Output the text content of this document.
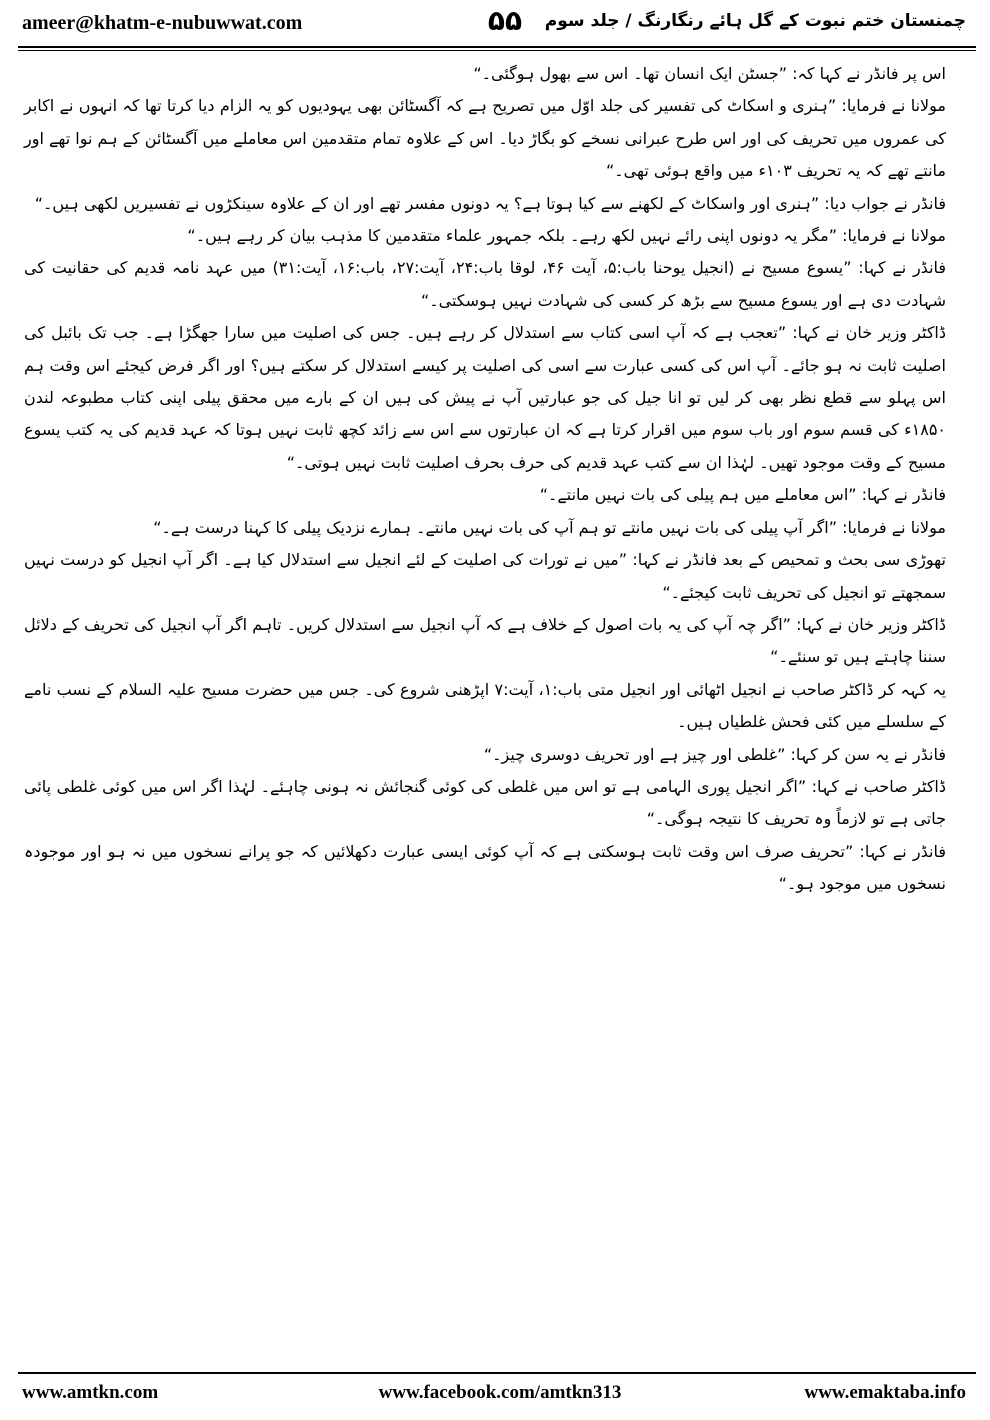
ameer@khatm-e-nubuwwat.com	۵۵	چمنستان ختم نبوت کے گل ہائے رنگارنگ / جلد سوم

اس پر فانڈر نے کہا کہ: ”جسٹن ایک انسان تھا۔ اس سے بھول ہوگئی۔“

مولانا نے فرمایا: ”ہنری و اسکاٹ کی تفسیر کی جلد اوّل میں تصریح ہے کہ آگسٹائن بھی یہودیوں کو یہ الزام دیا کرتا تھا کہ انہوں نے اکابر کی عمروں میں تحریف کی اور اس طرح عبرانی نسخے کو بگاڑ دیا۔ اس کے علاوہ تمام متقدمین اس معاملے میں آگسٹائن کے ہم نوا تھے اور مانتے تھے کہ یہ تحریف ۱۰۳ء میں واقع ہوئی تھی۔“

فانڈر نے جواب دیا: ”ہنری اور واسکاٹ کے لکھنے سے کیا ہوتا ہے؟ یہ دونوں مفسر تھے اور ان کے علاوہ سینکڑوں نے تفسیریں لکھی ہیں۔“

مولانا نے فرمایا: ”مگر یہ دونوں اپنی رائے نہیں لکھ رہے۔ بلکہ جمہور علماء متقدمین کا مذہب بیان کر رہے ہیں۔“

فانڈر نے کہا: ”یسوع مسیح نے (انجیل یوحنا باب:۵، آیت ۴۶، لوقا باب:۲۴، آیت:۲۷، باب:۱۶، آیت:۳۱) میں عہد نامہ قدیم کی حقانیت کی شہادت دی ہے اور یسوع مسیح سے بڑھ کر کسی کی شہادت نہیں ہوسکتی۔“

ڈاکٹر وزیر خان نے کہا: ”تعجب ہے کہ آپ اسی کتاب سے استدلال کر رہے ہیں۔ جس کی اصلیت میں سارا جھگڑا ہے۔ جب تک بائبل کی اصلیت ثابت نہ ہو جائے۔ آپ اس کی کسی عبارت سے اسی کی اصلیت پر کیسے استدلال کر سکتے ہیں؟ اور اگر فرض کیجئے اس وقت ہم اس پہلو سے قطع نظر بھی کر لیں تو انا جیل کی جو عبارتیں آپ نے پیش کی ہیں ان کے بارے میں محقق پیلی اپنی کتاب مطبوعہ لندن ۱۸۵۰ء کی قسم سوم اور باب سوم میں اقرار کرتا ہے کہ ان عبارتوں سے اس سے زائد کچھ ثابت نہیں ہوتا کہ عہد قدیم کی یہ کتب یسوع مسیح کے وقت موجود تھیں۔ لہٰذا ان سے کتب عہد قدیم کی حرف بحرف اصلیت ثابت نہیں ہوتی۔“

فانڈر نے کہا: ”اس معاملے میں ہم پیلی کی بات نہیں مانتے۔“

مولانا نے فرمایا: ”اگر آپ پیلی کی بات نہیں مانتے تو ہم آپ کی بات نہیں مانتے۔ ہمارے نزدیک پیلی کا کہنا درست ہے۔“

تھوڑی سی بحث و تمحیص کے بعد فانڈر نے کہا: ”میں نے تورات کی اصلیت کے لئے انجیل سے استدلال کیا ہے۔ اگر آپ انجیل کو درست نہیں سمجھتے تو انجیل کی تحریف ثابت کیجئے۔“

ڈاکٹر وزیر خان نے کہا: ”اگر چہ آپ کی یہ بات اصول کے خلاف ہے کہ آپ انجیل سے استدلال کریں۔ تاہم اگر آپ انجیل کی تحریف کے دلائل سننا چاہتے ہیں تو سنئے۔“

یہ کہہ کر ڈاکٹر صاحب نے انجیل اٹھائی اور انجیل متی باب:۱، آیت:۷ اپڑھنی شروع کی۔ جس میں حضرت مسیح علیہ السلام کے نسب نامے کے سلسلے میں کئی فحش غلطیاں ہیں۔

فانڈر نے یہ سن کر کہا: ”غلطی اور چیز ہے اور تحریف دوسری چیز۔“

ڈاکٹر صاحب نے کہا: ”اگر انجیل پوری الہامی ہے تو اس میں غلطی کی کوئی گنجائش نہ ہونی چاہئے۔ لہٰذا اگر اس میں کوئی غلطی پائی جاتی ہے تو لازماً وہ تحریف کا نتیجہ ہوگی۔“

فانڈر نے کہا: ”تحریف صرف اس وقت ثابت ہوسکتی ہے کہ آپ کوئی ایسی عبارت دکھلائیں کہ جو پرانے نسخوں میں نہ ہو اور موجودہ نسخوں میں موجود ہو۔“

www.amtkn.com	www.facebook.com/amtkn313	www.emaktaba.info
